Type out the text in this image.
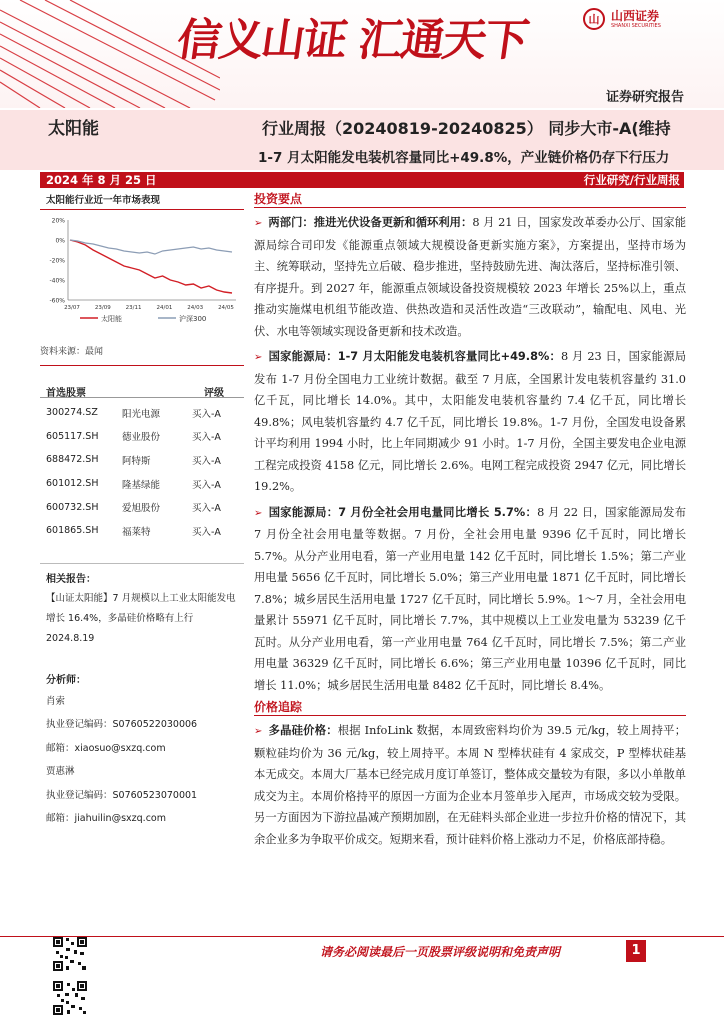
信义山证 汇通天下	山 山西证券
SHANXI SECURITIES
证券研究报告
太阳能	行业周报（20240819-20240825） 同步大市-A(维持
1-7 月太阳能发电装机容量同比+49.8%，产业链价格仍存下行压力
2024 年 8 月 25 日	行业研究/行业周报
太阳能行业近一年市场表现
20%
0%
-20%
-40%
-60%
23/07	23/09	23/11	24/01	24/03	24/05
太阳能	沪深300
资料来源：最闻
首选股票	评级
300274.SZ	阳光电源	买入-A
605117.SH	德业股份	买入-A
688472.SH	阿特斯	买入-A
601012.SH	隆基绿能	买入-A
600732.SH	爱旭股份	买入-A
601865.SH	福莱特	买入-A
相关报告：
【山证太阳能】7 月规模以上工业太阳能发电增长 16.4%，多晶硅价格略有上行 2024.8.19
分析师：
肖索
执业登记编码：S0760522030006
邮箱：xiaosuo@sxzq.com
贾惠淋
执业登记编码：S0760523070001
邮箱：jiahuilin@sxzq.com
投资要点

➢ 两部门：推进光伏设备更新和循环利用：8 月 21 日，国家发改革委办公厅、国家能源局综合司印发《能源重点领域大规模设备更新实施方案》，方案提出，坚持市场为主、统筹联动，坚持先立后破、稳步推进，坚持鼓励先进、淘汰落后，坚持标准引领、有序提升。到 2027 年，能源重点领域设备投资规模较 2023 年增长 25%以上，重点推动实施煤电机组节能改造、供热改造和灵活性改造“三改联动”，输配电、风电、光伏、水电等领域实现设备更新和技术改造。

➢ 国家能源局：1-7 月太阳能发电装机容量同比+49.8%：8 月 23 日，国家能源局发布 1-7 月份全国电力工业统计数据。截至 7 月底，全国累计发电装机容量约 31.0 亿千瓦，同比增长 14.0%。其中，太阳能发电装机容量约 7.4 亿千瓦，同比增长 49.8%；风电装机容量约 4.7 亿千瓦，同比增长 19.8%。1-7 月份，全国发电设备累计平均利用 1994 小时，比上年同期减少 91 小时。1-7 月份，全国主要发电企业电源工程完成投资 4158 亿元，同比增长 2.6%。电网工程完成投资 2947 亿元，同比增长 19.2%。

➢ 国家能源局：7 月份全社会用电量同比增长 5.7%：8 月 22 日，国家能源局发布 7 月份全社会用电量等数据。7 月份，全社会用电量 9396 亿千瓦时，同比增长 5.7%。从分产业用电看，第一产业用电量 142 亿千瓦时，同比增长 1.5%；第二产业用电量 5656 亿千瓦时，同比增长 5.0%；第三产业用电量 1871 亿千瓦时，同比增长 7.8%；城乡居民生活用电量 1727 亿千瓦时，同比增长 5.9%。1～7 月，全社会用电量累计 55971 亿千瓦时，同比增长 7.7%，其中规模以上工业发电量为 53239 亿千瓦时。从分产业用电看，第一产业用电量 764 亿千瓦时，同比增长 7.5%；第二产业用电量 36329 亿千瓦时，同比增长 6.6%；第三产业用电量 10396 亿千瓦时，同比增长 11.0%；城乡居民生活用电量 8482 亿千瓦时，同比增长 8.4%。

价格追踪

➢ 多晶硅价格：根据 InfoLink 数据，本周致密料均价为 39.5 元/kg，较上周持平；颗粒硅均价为 36 元/kg，较上周持平。本周 N 型棒状硅有 4 家成交，P 型棒状硅基本无成交。本周大厂基本已经完成月度订单签订，整体成交量较为有限，多以小单散单成交为主。本周价格持平的原因一方面为企业本月签单步入尾声，市场成交较为受限。另一方面因为下游拉晶减产预期加剧，在无硅料头部企业进一步拉升价格的情况下，其余企业多为争取平价成交。短期来看，预计硅料价格上涨动力不足，价格底部持稳。

请务必阅读最后一页股票评级说明和免责声明	1
